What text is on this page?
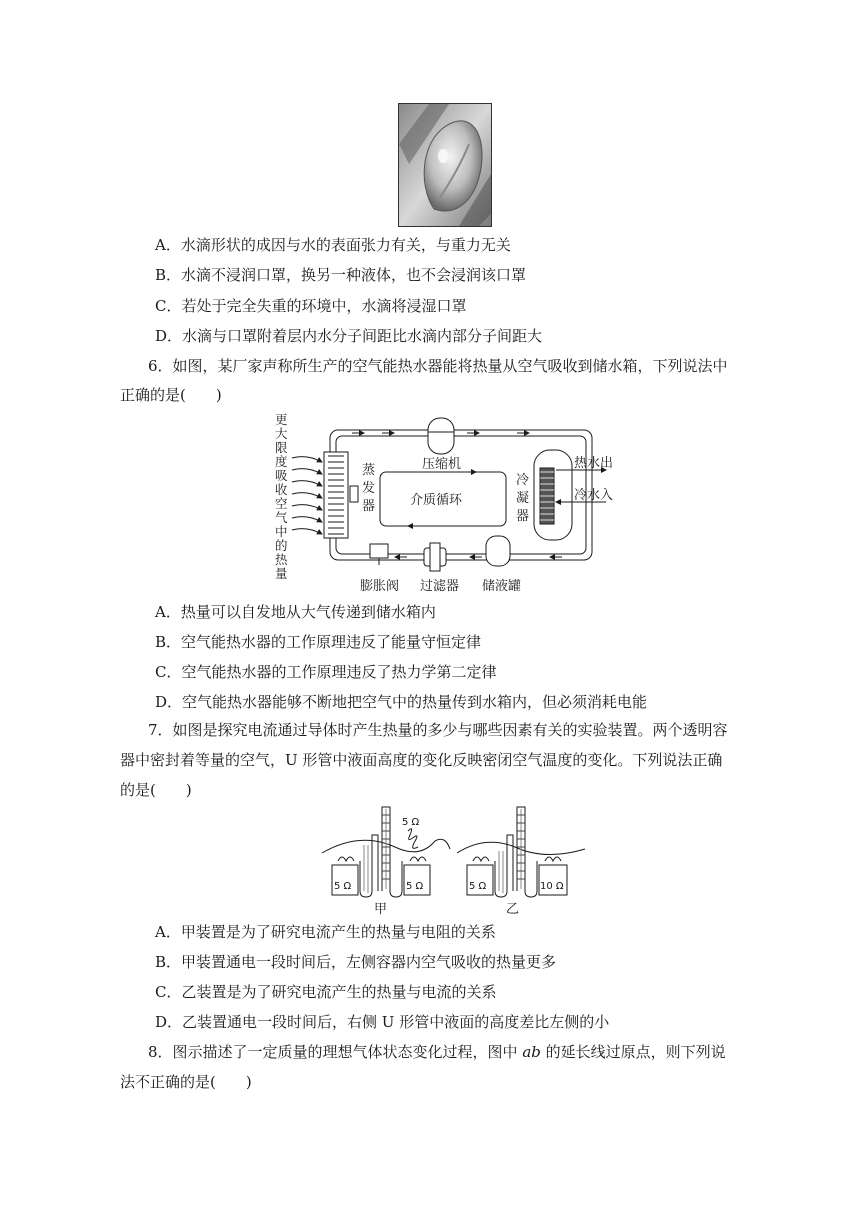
A．水滴形状的成因与水的表面张力有关，与重力无关
B．水滴不浸润口罩，换另一种液体，也不会浸润该口罩
C．若处于完全失重的环境中，水滴将浸湿口罩
D．水滴与口罩附着层内水分子间距比水滴内部分子间距大
6．如图，某厂家声称所生产的空气能热水器能将热量从空气吸收到储水箱，下列说法中
正确的是(　　)
更
大
限
度
吸
收
空
气
中
的
热
量
压缩机
蒸
发
器	介质循环
冷
凝
器
热水出
冷水入
膨胀阀 过滤器 储液罐
A．热量可以自发地从大气传递到储水箱内
B．空气能热水器的工作原理违反了能量守恒定律
C．空气能热水器的工作原理违反了热力学第二定律
D．空气能热水器能够不断地把空气中的热量传到水箱内，但必须消耗电能
7．如图是探究电流通过导体时产生热量的多少与哪些因素有关的实验装置。两个透明容
器中密封着等量的空气，U 形管中液面高度的变化反映密闭空气温度的变化。下列说法正确
的是(　　)
5 Ω	5 Ω
5 Ω
甲
5 Ω	10 Ω
乙
A．甲装置是为了研究电流产生的热量与电阻的关系
B．甲装置通电一段时间后，左侧容器内空气吸收的热量更多
C．乙装置是为了研究电流产生的热量与电流的关系
D．乙装置通电一段时间后，右侧 U 形管中液面的高度差比左侧的小
8．图示描述了一定质量的理想气体状态变化过程，图中 ab 的延长线过原点，则下列说
法不正确的是(　　)
